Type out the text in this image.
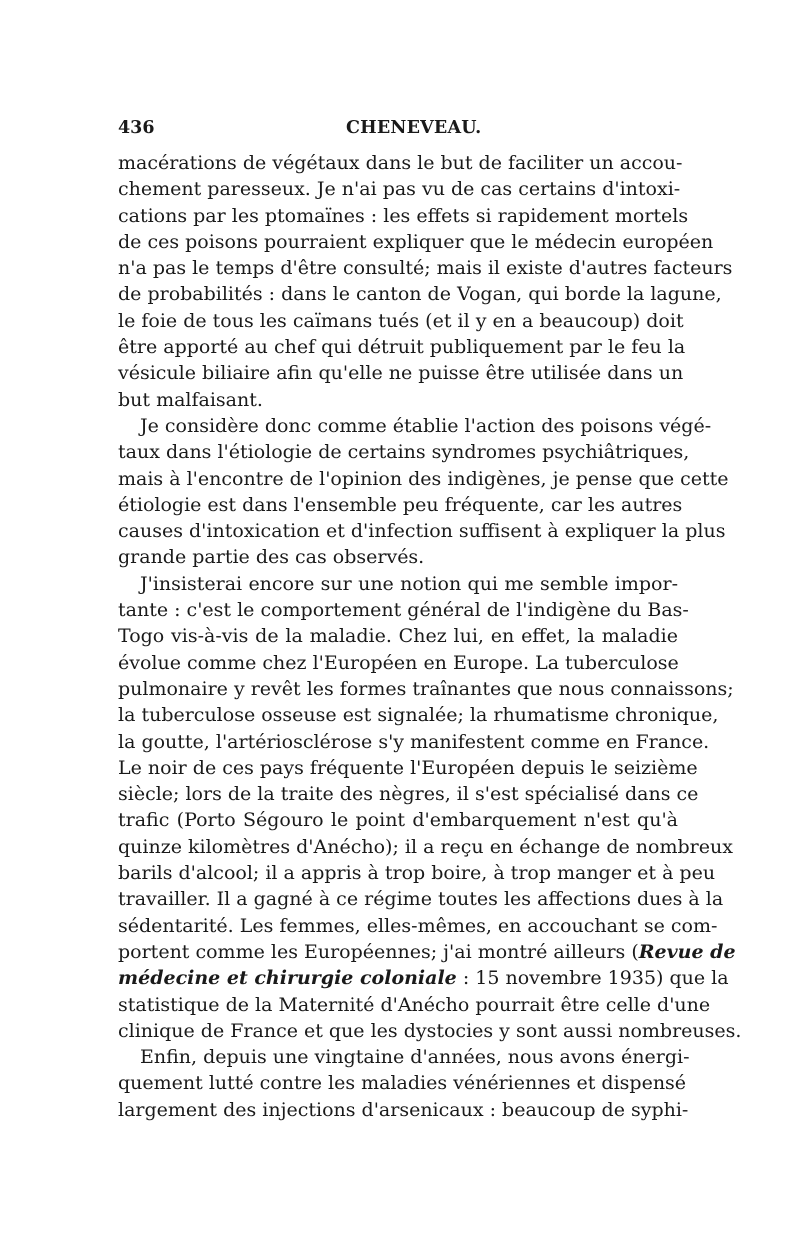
436	CHENEVEAU.
macérations de végétaux dans le but de faciliter un accou-
chement paresseux. Je n'ai pas vu de cas certains d'intoxi-
cations par les ptomaïnes : les effets si rapidement mortels
de ces poisons pourraient expliquer que le médecin européen
n'a pas le temps d'être consulté; mais il existe d'autres facteurs
de probabilités : dans le canton de Vogan, qui borde la lagune,
le foie de tous les caïmans tués (et il y en a beaucoup) doit
être apporté au chef qui détruit publiquement par le feu la
vésicule biliaire afin qu'elle ne puisse être utilisée dans un
but malfaisant.
Je considère donc comme établie l'action des poisons végé-
taux dans l'étiologie de certains syndromes psychiâtriques,
mais à l'encontre de l'opinion des indigènes, je pense que cette
étiologie est dans l'ensemble peu fréquente, car les autres
causes d'intoxication et d'infection suffisent à expliquer la plus
grande partie des cas observés.
J'insisterai encore sur une notion qui me semble impor-
tante : c'est le comportement général de l'indigène du Bas-
Togo vis-à-vis de la maladie. Chez lui, en effet, la maladie
évolue comme chez l'Européen en Europe. La tuberculose
pulmonaire y revêt les formes traînantes que nous connaissons;
la tuberculose osseuse est signalée; la rhumatisme chronique,
la goutte, l'artériosclérose s'y manifestent comme en France.
Le noir de ces pays fréquente l'Européen depuis le seizième
siècle; lors de la traite des nègres, il s'est spécialisé dans ce
trafic (Porto Ségouro le point d'embarquement n'est qu'à
quinze kilomètres d'Anécho); il a reçu en échange de nombreux
barils d'alcool; il a appris à trop boire, à trop manger et à peu
travailler. Il a gagné à ce régime toutes les affections dues à la
sédentarité. Les femmes, elles-mêmes, en accouchant se com-
portent comme les Européennes; j'ai montré ailleurs (Revue de
médecine et chirurgie coloniale : 15 novembre 1935) que la
statistique de la Maternité d'Anécho pourrait être celle d'une
clinique de France et que les dystocies y sont aussi nombreuses.
Enfin, depuis une vingtaine d'années, nous avons énergi-
quement lutté contre les maladies vénériennes et dispensé
largement des injections d'arsenicaux : beaucoup de syphi-
